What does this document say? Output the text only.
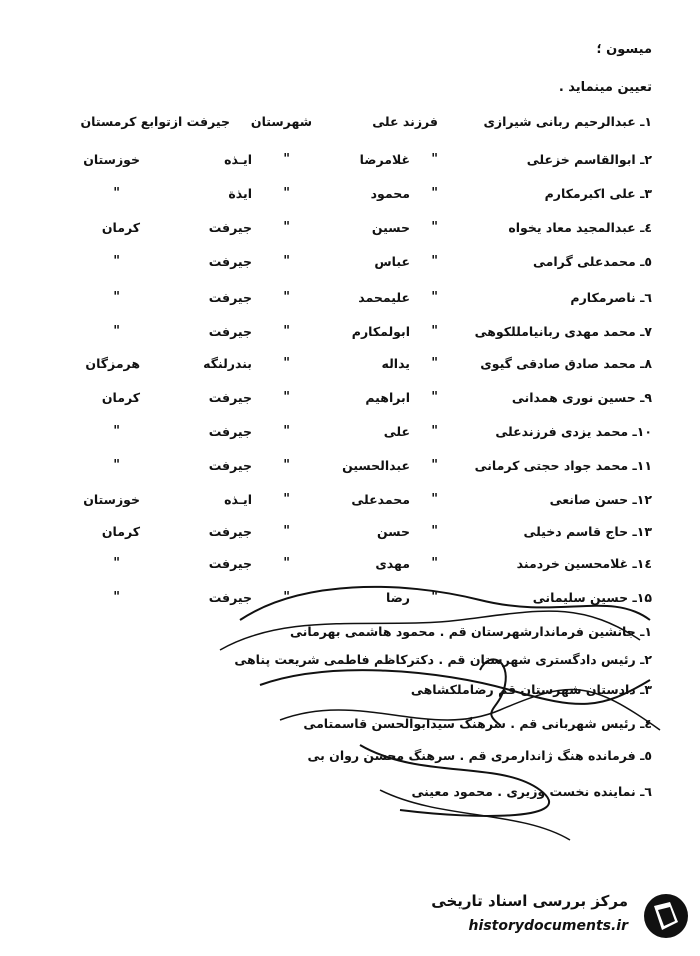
میسون ؛
تعیین مینماید .
۱ـ عبدالرحیم ربانی شیرازی
فرزند علی
شهرستان
جیرفت ازتوابع کرمستان
۲ـ ابوالقاسم خزعلی
غلامرضا "
ایـذه "
خوزستان
۳ـ علی اکبرمکارم
محمود "
ایذة "
"
٤ـ عبدالمجید معاد یخواه
حسین "
جیرفت "
کرمان
٥ـ محمدعلی گرامی
عباس "
جیرفت "
"
٦ـ ناصرمکارم
علیمحمد "
جیرفت "
"
۷ـ محمد مهدی ربانیامللکوهی
ابولمکارم "
جیرفت "
"
۸ـ محمد صادق صادقی گیوی
یداله "
بندرلنگه "
هرمزگان
۹ـ حسین نوری همدانی
ابراهیم "
جیرفت "
کرمان
۱۰ـ محمد یزدی فرزندعلی
علی "
جیرفت "
"
۱۱ـ محمد جواد حجتی کرمانی
عبدالحسین "
جیرفت "
"
۱۲ـ حسن صانعی
محمدعلی "
ایـذه "
خوزستان
۱۳ـ حاج قاسم دخیلی
حسن "
جیرفت "
کرمان
۱٤ـ غلامحسین خردمند
مهدی "
جیرفت "
"
۱۵ـ حسین سلیمانی
رضا "
جیرفت "
"
۱ـ جانشین فرماندارشهرستان قم . محمود هاشمی بهرمانی
۲ـ رئیس دادگستری شهرستان قم . دکترکاظم فاطمی شریعت پناهی
۳ـ دادستان شهرستان قم رضاملکشاهی
٤ـ رئیس شهربانی قم . سرهنگ سیدابوالحسن قاسمتامی
٥ـ فرمانده هنگ ژاندارمری قم . سرهنگ محسن روان بی
٦ـ نماینده نخست وزیری . محمود معینی
مرکز بررسی اسناد تاریخی
historydocuments.ir
